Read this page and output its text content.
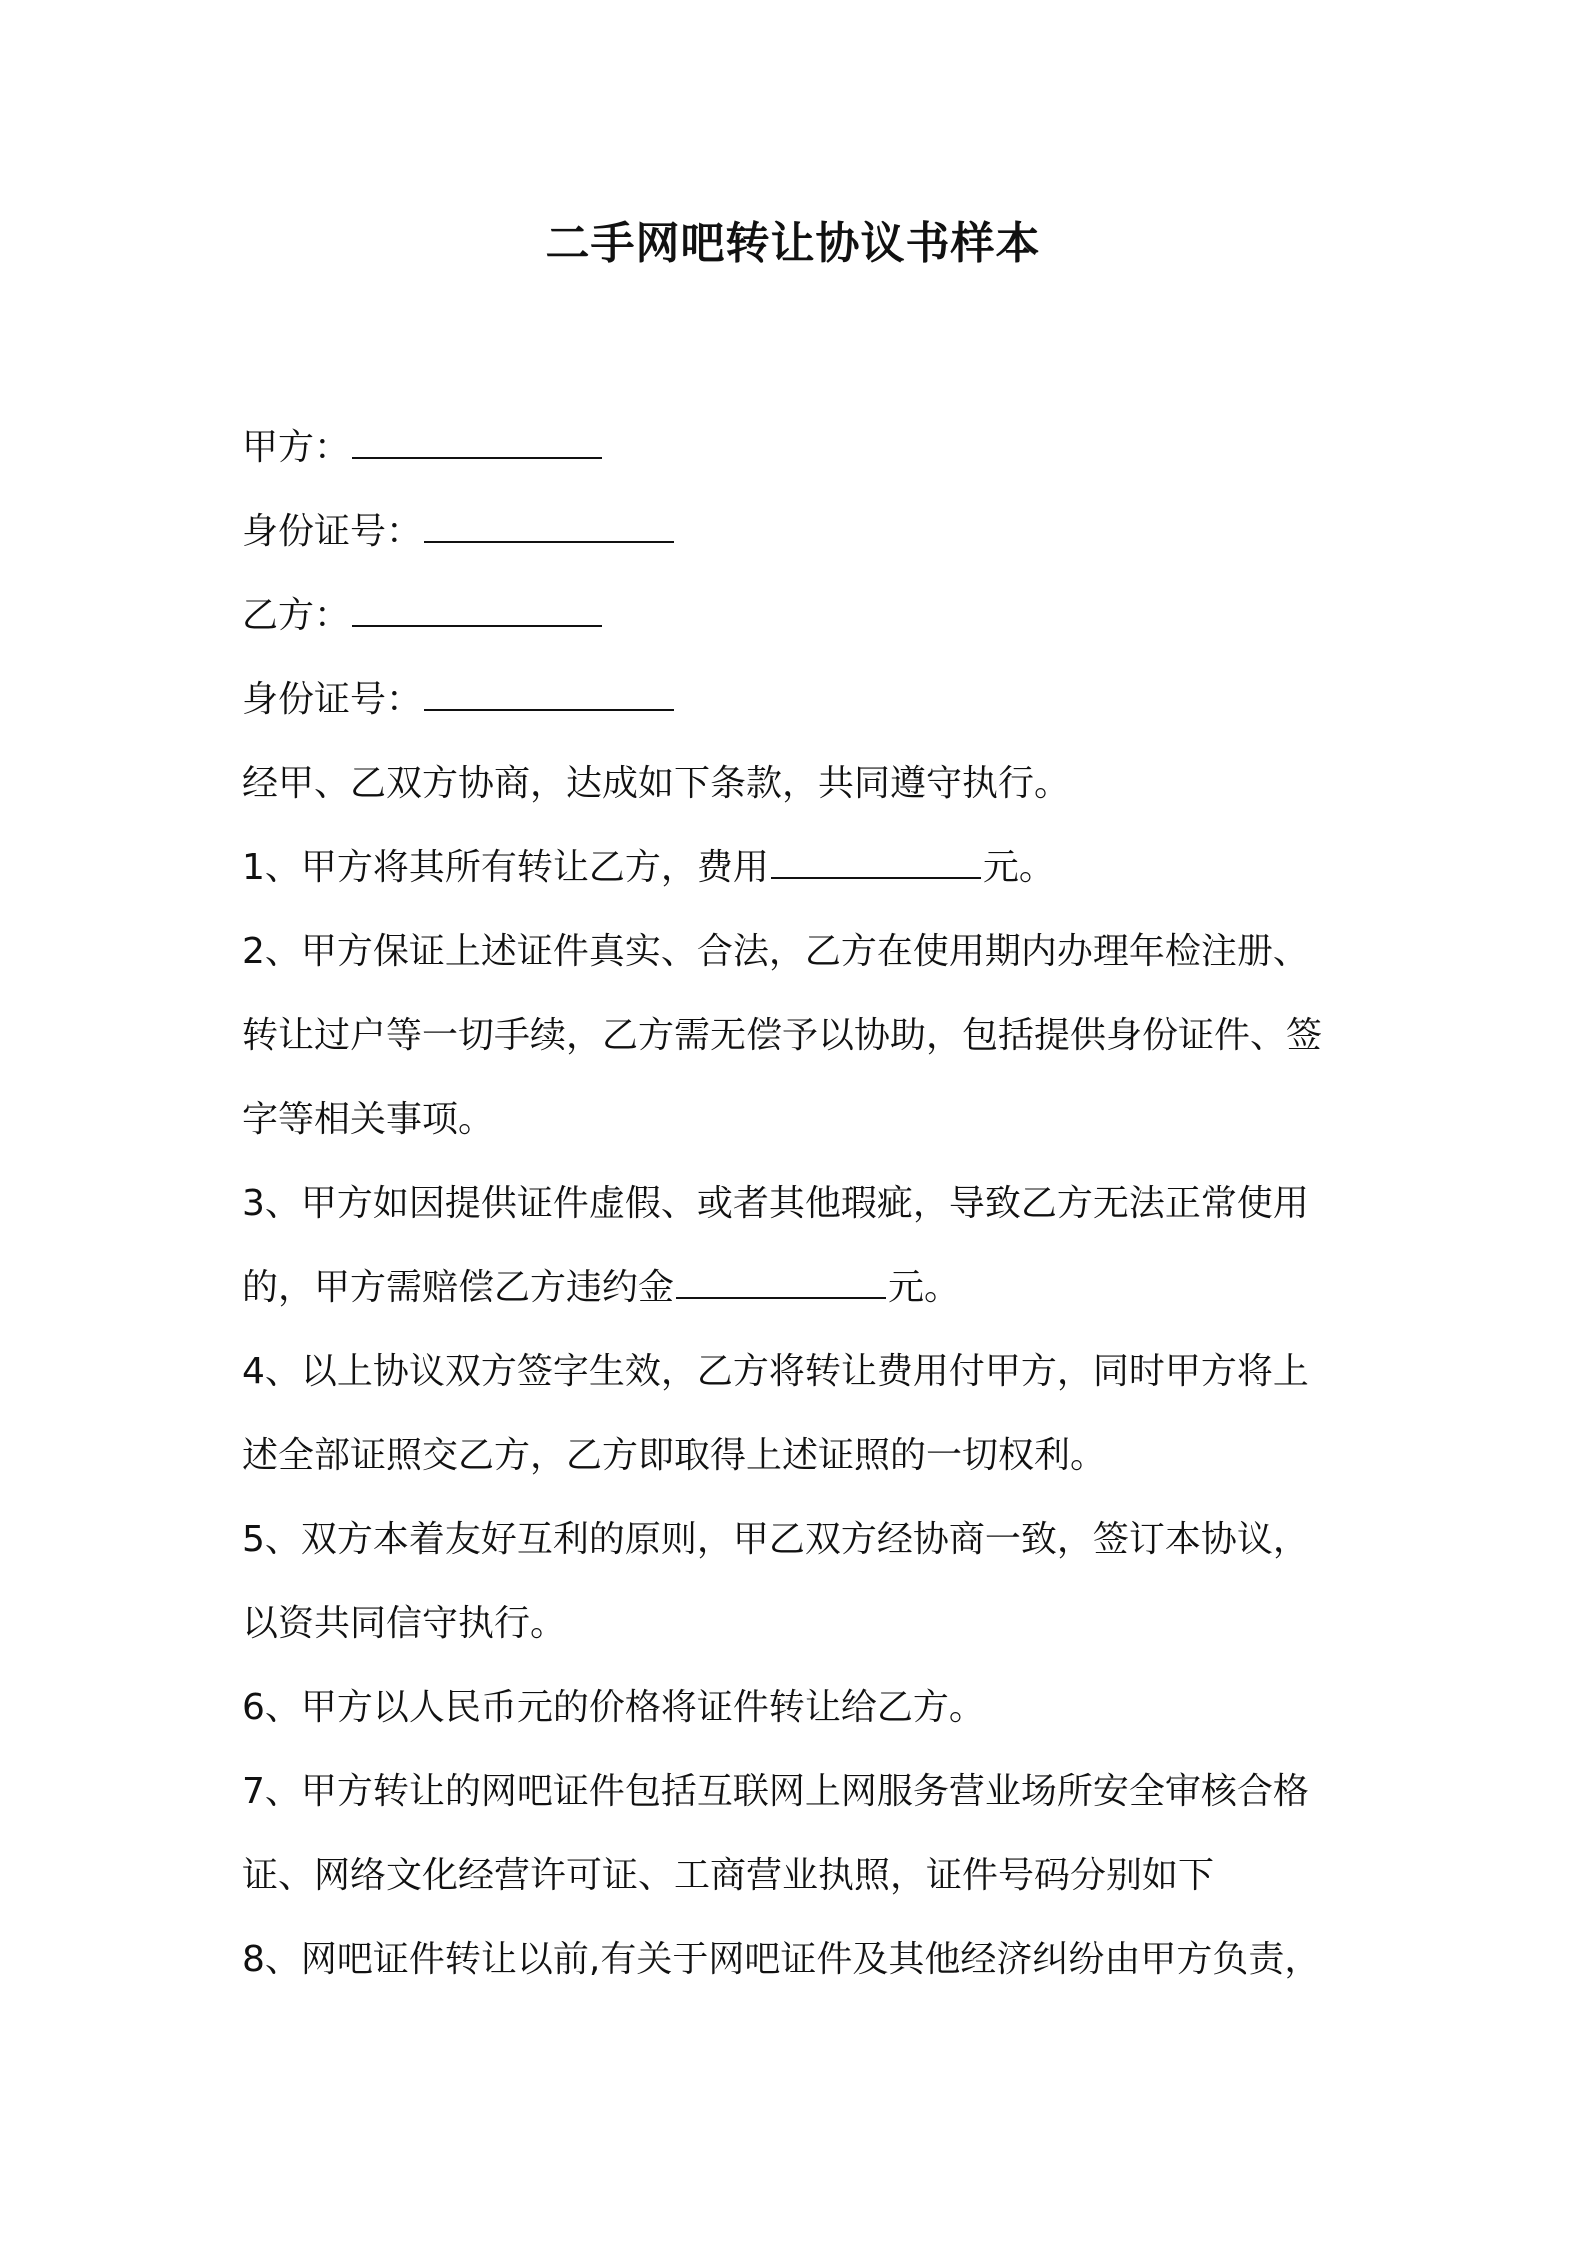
二手网吧转让协议书样本
甲方：
身份证号：
乙方：
身份证号：
经甲、乙双方协商，达成如下条款，共同遵守执行。
1、甲方将其所有转让乙方，费用	元。
2、甲方保证上述证件真实、合法，乙方在使用期内办理年检注册、
转让过户等一切手续，乙方需无偿予以协助，包括提供身份证件、签
字等相关事项。
3、甲方如因提供证件虚假、或者其他瑕疵，导致乙方无法正常使用
的，甲方需赔偿乙方违约金	元。
4、以上协议双方签字生效，乙方将转让费用付甲方，同时甲方将上
述全部证照交乙方，乙方即取得上述证照的一切权利。
5、双方本着友好互利的原则，甲乙双方经协商一致，签订本协议，
以资共同信守执行。
6、甲方以人民币元的价格将证件转让给乙方。
7、甲方转让的网吧证件包括互联网上网服务营业场所安全审核合格
证、网络文化经营许可证、工商营业执照，证件号码分别如下
8、网吧证件转让以前,有关于网吧证件及其他经济纠纷由甲方负责，
